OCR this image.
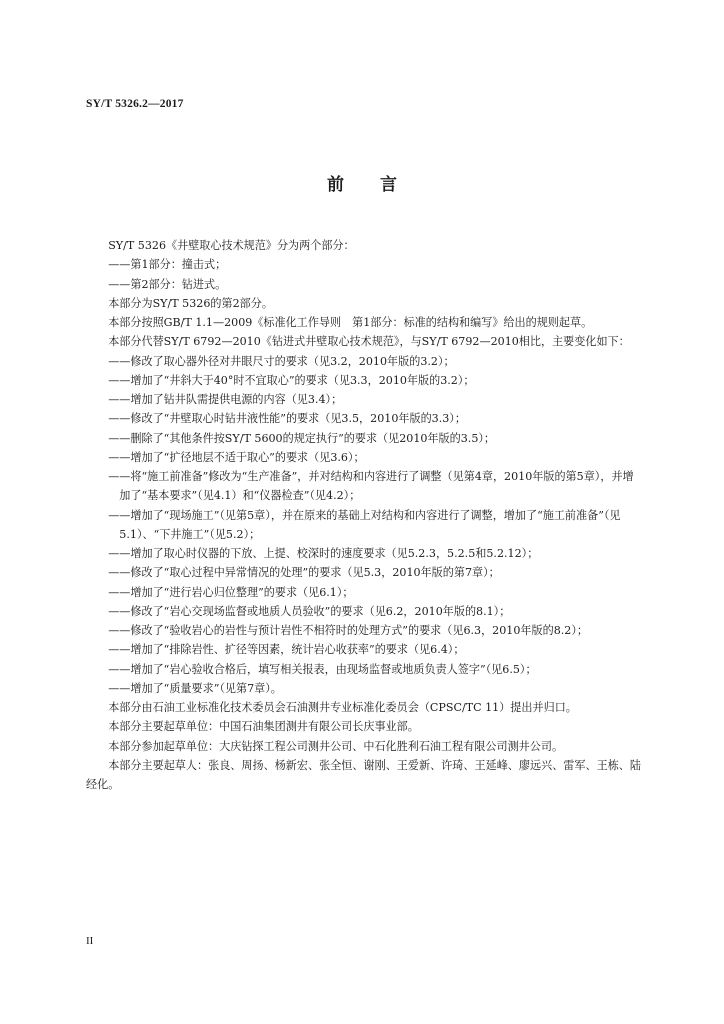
SY/T 5326.2—2017
前言

SY/T 5326《井壁取心技术规范》分为两个部分：

——第1部分：撞击式；

——第2部分：钻进式。

本部分为SY/T 5326的第2部分。

本部分按照GB/T 1.1—2009《标准化工作导则　第1部分：标准的结构和编写》给出的规则起草。

本部分代替SY/T 6792—2010《钻进式井壁取心技术规范》，与SY/T 6792—2010相比，主要变化如下：

——修改了取心器外径对井眼尺寸的要求（见3.2，2010年版的3.2）；

——增加了“井斜大于40°时不宜取心”的要求（见3.3，2010年版的3.2）；

——增加了钻井队需提供电源的内容（见3.4）；

——修改了“井壁取心时钻井液性能”的要求（见3.5，2010年版的3.3）；

——删除了“其他条件按SY/T 5600的规定执行”的要求（见2010年版的3.5）；

——增加了“扩径地层不适于取心”的要求（见3.6）；

——将“施工前准备”修改为“生产准备”，并对结构和内容进行了调整（见第4章，2010年版的第5章），并增加了“基本要求”（见4.1）和“仪器检查”（见4.2）；

——增加了“现场施工”（见第5章），并在原来的基础上对结构和内容进行了调整，增加了“施工前准备”（见5.1）、“下井施工”（见5.2）；

——增加了取心时仪器的下放、上提、校深时的速度要求（见5.2.3，5.2.5和5.2.12）；

——修改了“取心过程中异常情况的处理”的要求（见5.3，2010年版的第7章）；

——增加了“进行岩心归位整理”的要求（见6.1）；

——修改了“岩心交现场监督或地质人员验收”的要求（见6.2，2010年版的8.1）；

——修改了“验收岩心的岩性与预计岩性不相符时的处理方式”的要求（见6.3，2010年版的8.2）；

——增加了“排除岩性、扩径等因素，统计岩心收获率”的要求（见6.4）；

——增加了“岩心验收合格后，填写相关报表，由现场监督或地质负责人签字”（见6.5）；

——增加了“质量要求”（见第7章）。

本部分由石油工业标准化技术委员会石油测井专业标准化委员会（CPSC/TC 11）提出并归口。

本部分主要起草单位：中国石油集团测井有限公司长庆事业部。

本部分参加起草单位：大庆钻探工程公司测井公司、中石化胜利石油工程有限公司测井公司。

本部分主要起草人：张良、周扬、杨新宏、张全恒、谢刚、王爱新、许琦、王延峰、廖远兴、雷军、王栋、陆经化。

II
